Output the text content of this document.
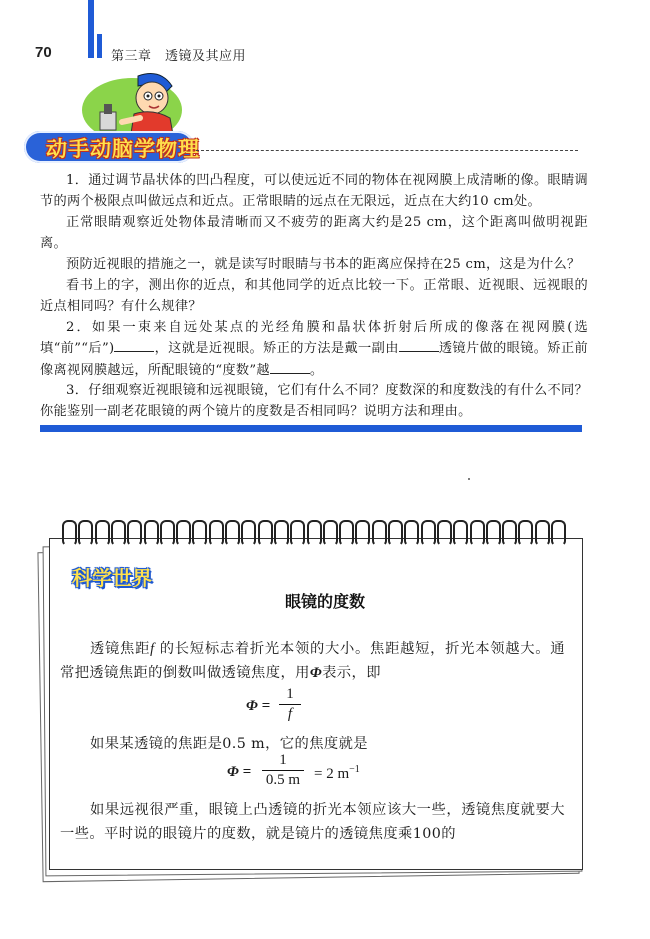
70	第三章　透镜及其应用
动手动脑学物理
1．通过调节晶状体的凹凸程度，可以使远近不同的物体在视网膜上成清晰的像。眼睛调节的两个极限点叫做远点和近点。正常眼睛的远点在无限远，近点在大约10 cm处。
正常眼睛观察近处物体最清晰而又不疲劳的距离大约是25 cm，这个距离叫做明视距离。
预防近视眼的措施之一，就是读写时眼睛与书本的距离应保持在25 cm，这是为什么？
看书上的字，测出你的近点，和其他同学的近点比较一下。正常眼、近视眼、远视眼的近点相同吗？有什么规律？
2．如果一束来自远处某点的光经角膜和晶状体折射后所成的像落在视网膜(选填“前”“后”)	，这就是近视眼。矫正的方法是戴一副由	透镜片做的眼镜。矫正前像离视网膜越远，所配眼镜的“度数”越	。
3．仔细观察近视眼镜和远视眼镜，它们有什么不同？度数深的和度数浅的有什么不同？你能鉴别一副老花眼镜的两个镜片的度数是否相同吗？说明方法和理由。
科学世界
眼镜的度数
透镜焦距f 的长短标志着折光本领的大小。焦距越短，折光本领越大。通常把透镜焦距的倒数叫做透镜焦度，用Φ表示，即
Φ =
1
f
如果某透镜的焦距是0.5 m，它的焦度就是
Φ =
1
0.5 m = 2 $m^{-1}$
如果远视很严重，眼镜上凸透镜的折光本领应该大一些，透镜焦度就要大一些。平时说的眼镜片的度数，就是镜片的透镜焦度乘100的
